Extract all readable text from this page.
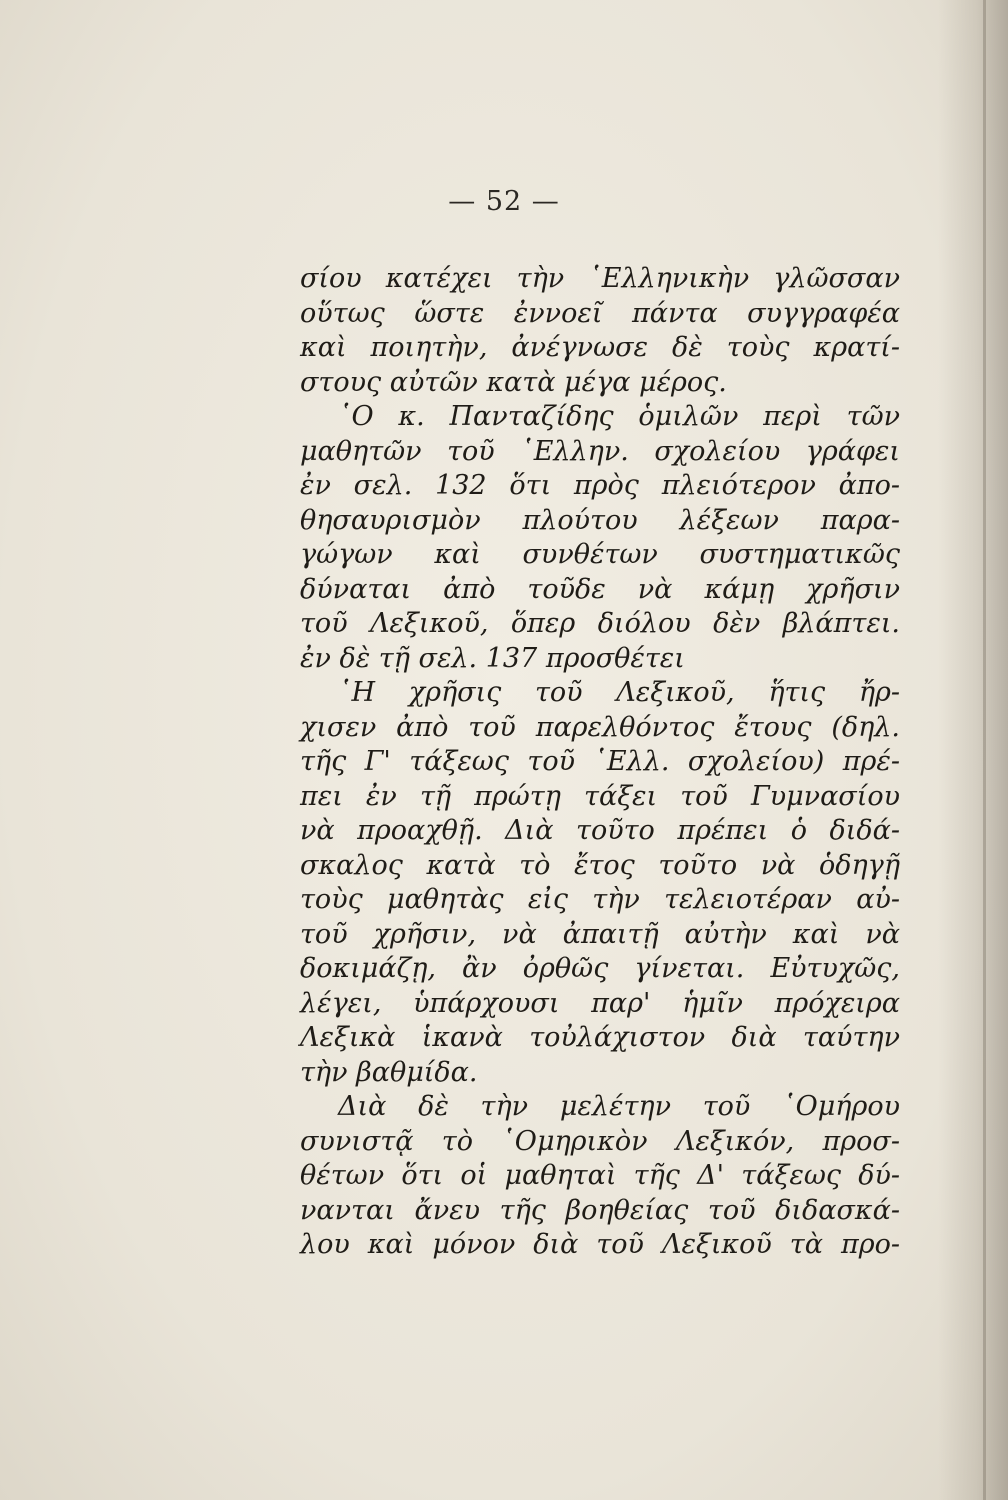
— 52 —
σίου κατέχει τὴν ῾Ελληνικὴν γλῶσσαν
οὕτως ὥστε ἐννοεῖ πάντα συγγραφέα
καὶ ποιητὴν, ἀνέγνωσε δὲ τοὺς κρατί-
στους αὐτῶν κατὰ μέγα μέρος.
῾Ο κ. Πανταζίδης ὁμιλῶν περὶ τῶν
μαθητῶν τοῦ ῾Ελλην. σχολείου γράφει
ἐν σελ. 132 ὅτι πρὸς πλειότερον ἀπο-
θησαυρισμὸν πλούτου λέξεων παρα-
γώγων καὶ συνθέτων συστηματικῶς
δύναται ἀπὸ τοῦδε νὰ κάμῃ χρῆσιν
τοῦ Λεξικοῦ, ὅπερ διόλου δὲν βλάπτει.
ἐν δὲ τῇ σελ. 137 προσθέτει
῾Η χρῆσις τοῦ Λεξικοῦ, ἥτις ἤρ-
χισεν ἀπὸ τοῦ παρελθόντος ἔτους (δηλ.
τῆς Γ' τάξεως τοῦ ῾Ελλ. σχολείου) πρέ-
πει ἐν τῇ πρώτῃ τάξει τοῦ Γυμνασίου
νὰ προαχθῇ. Διὰ τοῦτο πρέπει ὁ διδά-
σκαλος κατὰ τὸ ἔτος τοῦτο νὰ ὁδηγῇ
τοὺς μαθητὰς εἰς τὴν τελειοτέραν αὐ-
τοῦ χρῆσιν, νὰ ἀπαιτῇ αὐτὴν καὶ νὰ
δοκιμάζῃ, ἂν ὀρθῶς γίνεται. Εὐτυχῶς,
λέγει, ὑπάρχουσι παρ' ἡμῖν πρόχειρα
Λεξικὰ ἱκανὰ τοὐλάχιστον διὰ ταύτην
τὴν βαθμίδα.
Διὰ δὲ τὴν μελέτην τοῦ ῾Ομήρου
συνιστᾷ τὸ ῾Ομηρικὸν Λεξικόν, προσ-
θέτων ὅτι οἱ μαθηταὶ τῆς Δ' τάξεως δύ-
νανται ἄνευ τῆς βοηθείας τοῦ διδασκά-
λου καὶ μόνον διὰ τοῦ Λεξικοῦ τὰ προ-
